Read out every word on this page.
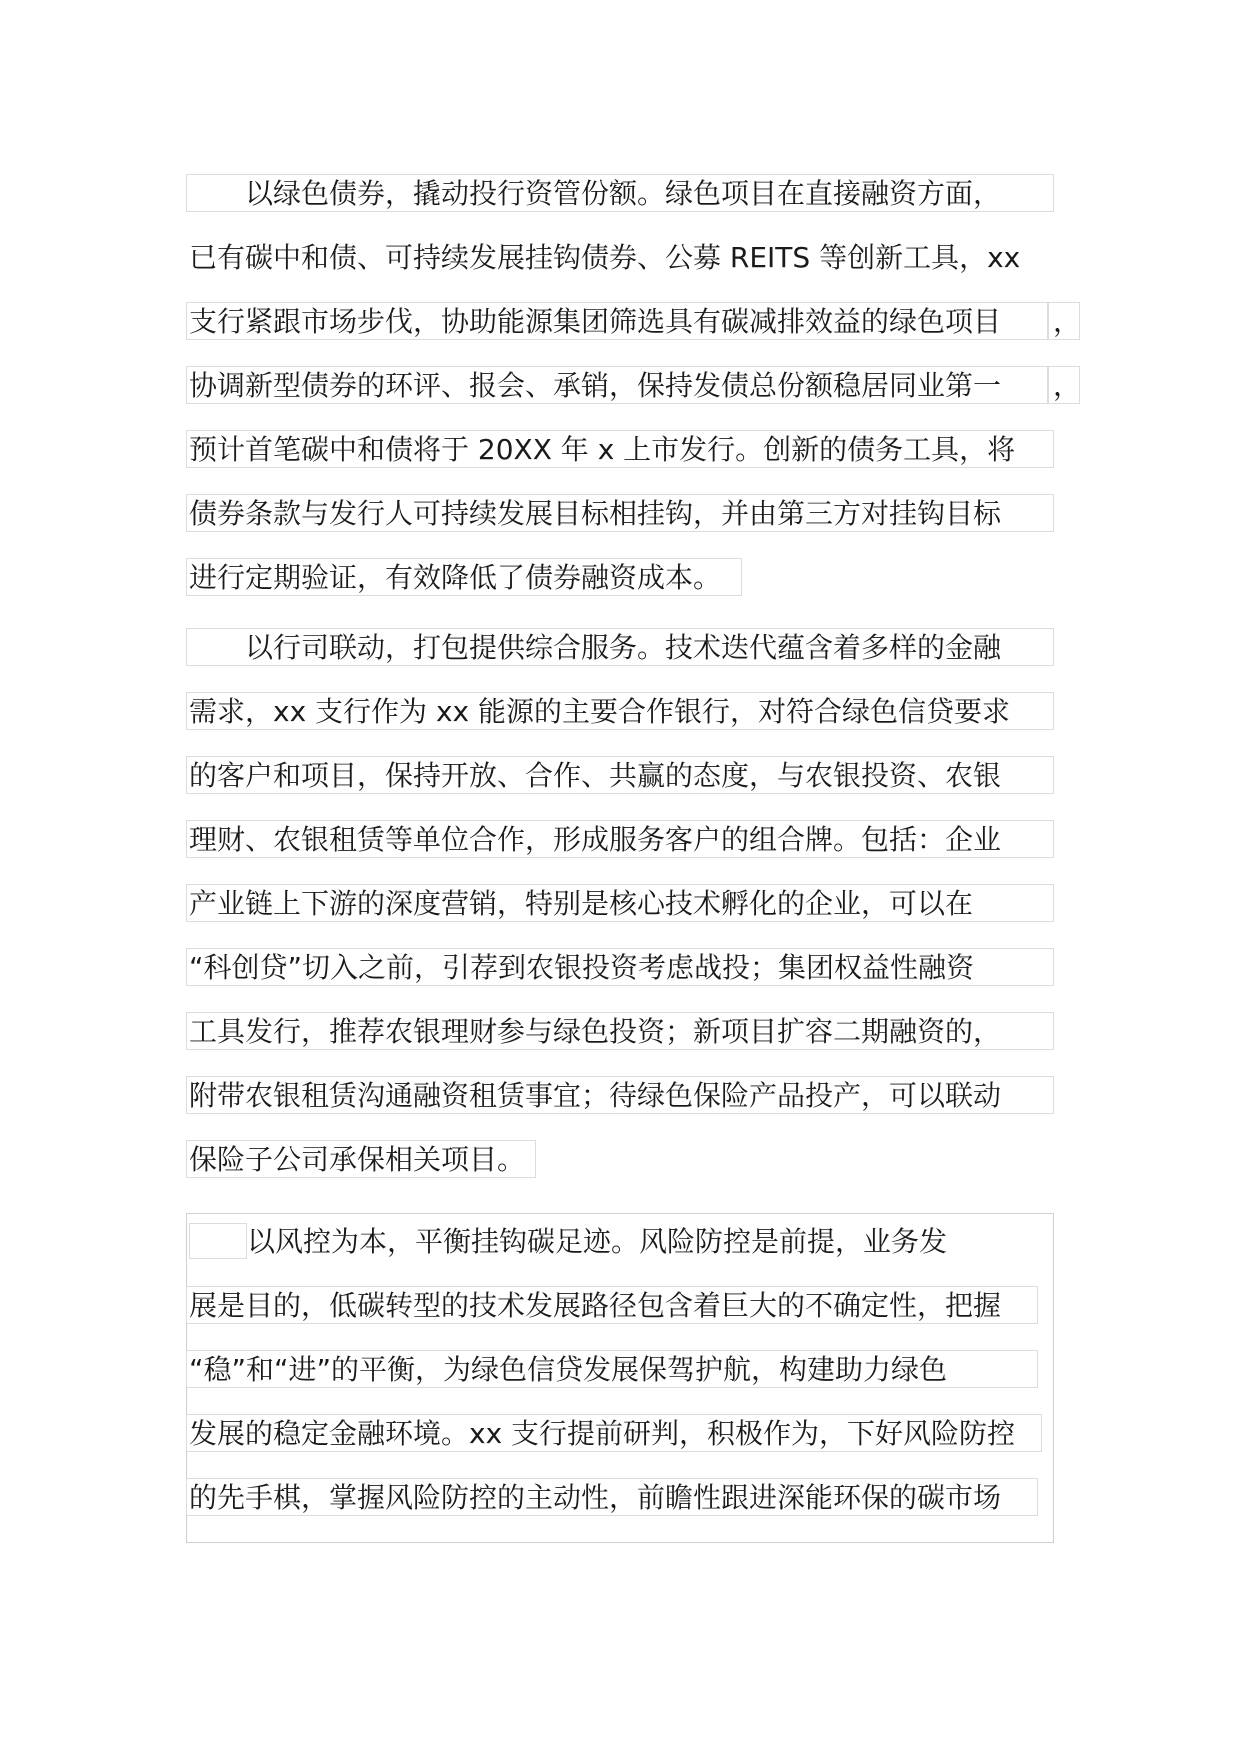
以绿色债券，撬动投行资管份额。绿色项目在直接融资方面，
已有碳中和债、可持续发展挂钩债券、公募 REITS 等创新工具，xx
支行紧跟市场步伐，协助能源集团筛选具有碳减排效益的绿色项目	，
协调新型债券的环评、报会、承销，保持发债总份额稳居同业第一	，
预计首笔碳中和债将于 20XX 年 x 上市发行。创新的债务工具，将
债券条款与发行人可持续发展目标相挂钩，并由第三方对挂钩目标
进行定期验证，有效降低了债券融资成本。
以行司联动，打包提供综合服务。技术迭代蕴含着多样的金融
需求，xx 支行作为 xx 能源的主要合作银行，对符合绿色信贷要求
的客户和项目，保持开放、合作、共赢的态度，与农银投资、农银
理财、农银租赁等单位合作，形成服务客户的组合牌。包括：企业
产业链上下游的深度营销，特别是核心技术孵化的企业，可以在
“科创贷”切入之前，引荐到农银投资考虑战投；集团权益性融资
工具发行，推荐农银理财参与绿色投资；新项目扩容二期融资的，
附带农银租赁沟通融资租赁事宜；待绿色保险产品投产，可以联动
保险子公司承保相关项目。
以风控为本，平衡挂钩碳足迹。风险防控是前提，业务发
展是目的，低碳转型的技术发展路径包含着巨大的不确定性，把握
“稳”和“进”的平衡，为绿色信贷发展保驾护航，构建助力绿色
发展的稳定金融环境。xx 支行提前研判，积极作为，下好风险防控
的先手棋，掌握风险防控的主动性，前瞻性跟进深能环保的碳市场
